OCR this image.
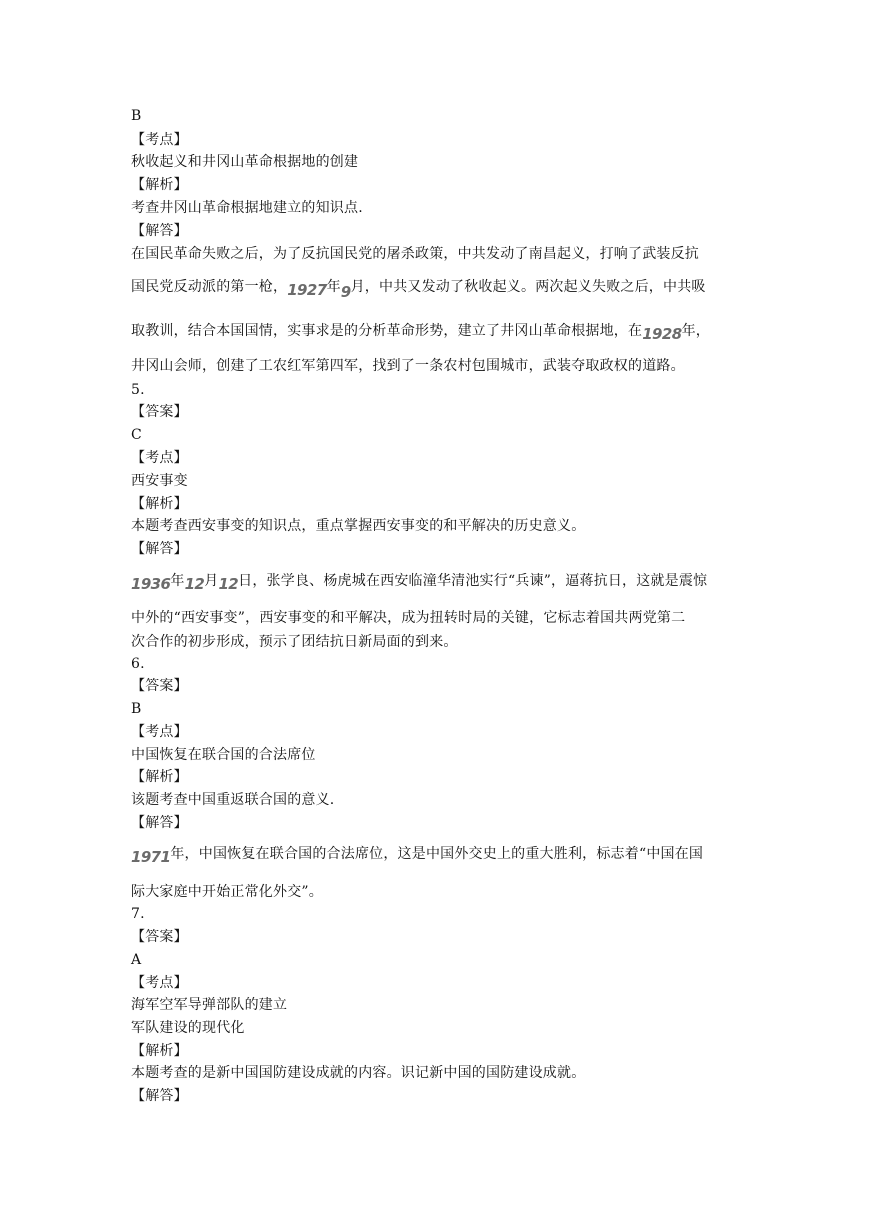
B
【考点】
秋收起义和井冈山革命根据地的创建
【解析】
考查井冈山革命根据地建立的知识点.
【解答】
在国民革命失败之后，为了反抗国民党的屠杀政策，中共发动了南昌起义，打响了武装反抗
国民党反动派的第一枪，1927年9月，中共又发动了秋收起义。两次起义失败之后，中共吸
取教训，结合本国国情，实事求是的分析革命形势，建立了井冈山革命根据地，在1928年，
井冈山会师，创建了工农红军第四军，找到了一条农村包围城市，武装夺取政权的道路。
5.
【答案】
C
【考点】
西安事变
【解析】
本题考查西安事变的知识点，重点掌握西安事变的和平解决的历史意义。
【解答】
1936年12月12日，张学良、杨虎城在西安临潼华清池实行“兵谏”，逼蒋抗日，这就是震惊
中外的“西安事变”，西安事变的和平解决，成为扭转时局的关键，它标志着国共两党第二
次合作的初步形成，预示了团结抗日新局面的到来。
6.
【答案】
B
【考点】
中国恢复在联合国的合法席位
【解析】
该题考查中国重返联合国的意义.
【解答】
1971年，中国恢复在联合国的合法席位，这是中国外交史上的重大胜利，标志着“中国在国
际大家庭中开始正常化外交”。
7.
【答案】
A
【考点】
海军空军导弹部队的建立
军队建设的现代化
【解析】
本题考查的是新中国国防建设成就的内容。识记新中国的国防建设成就。
【解答】
